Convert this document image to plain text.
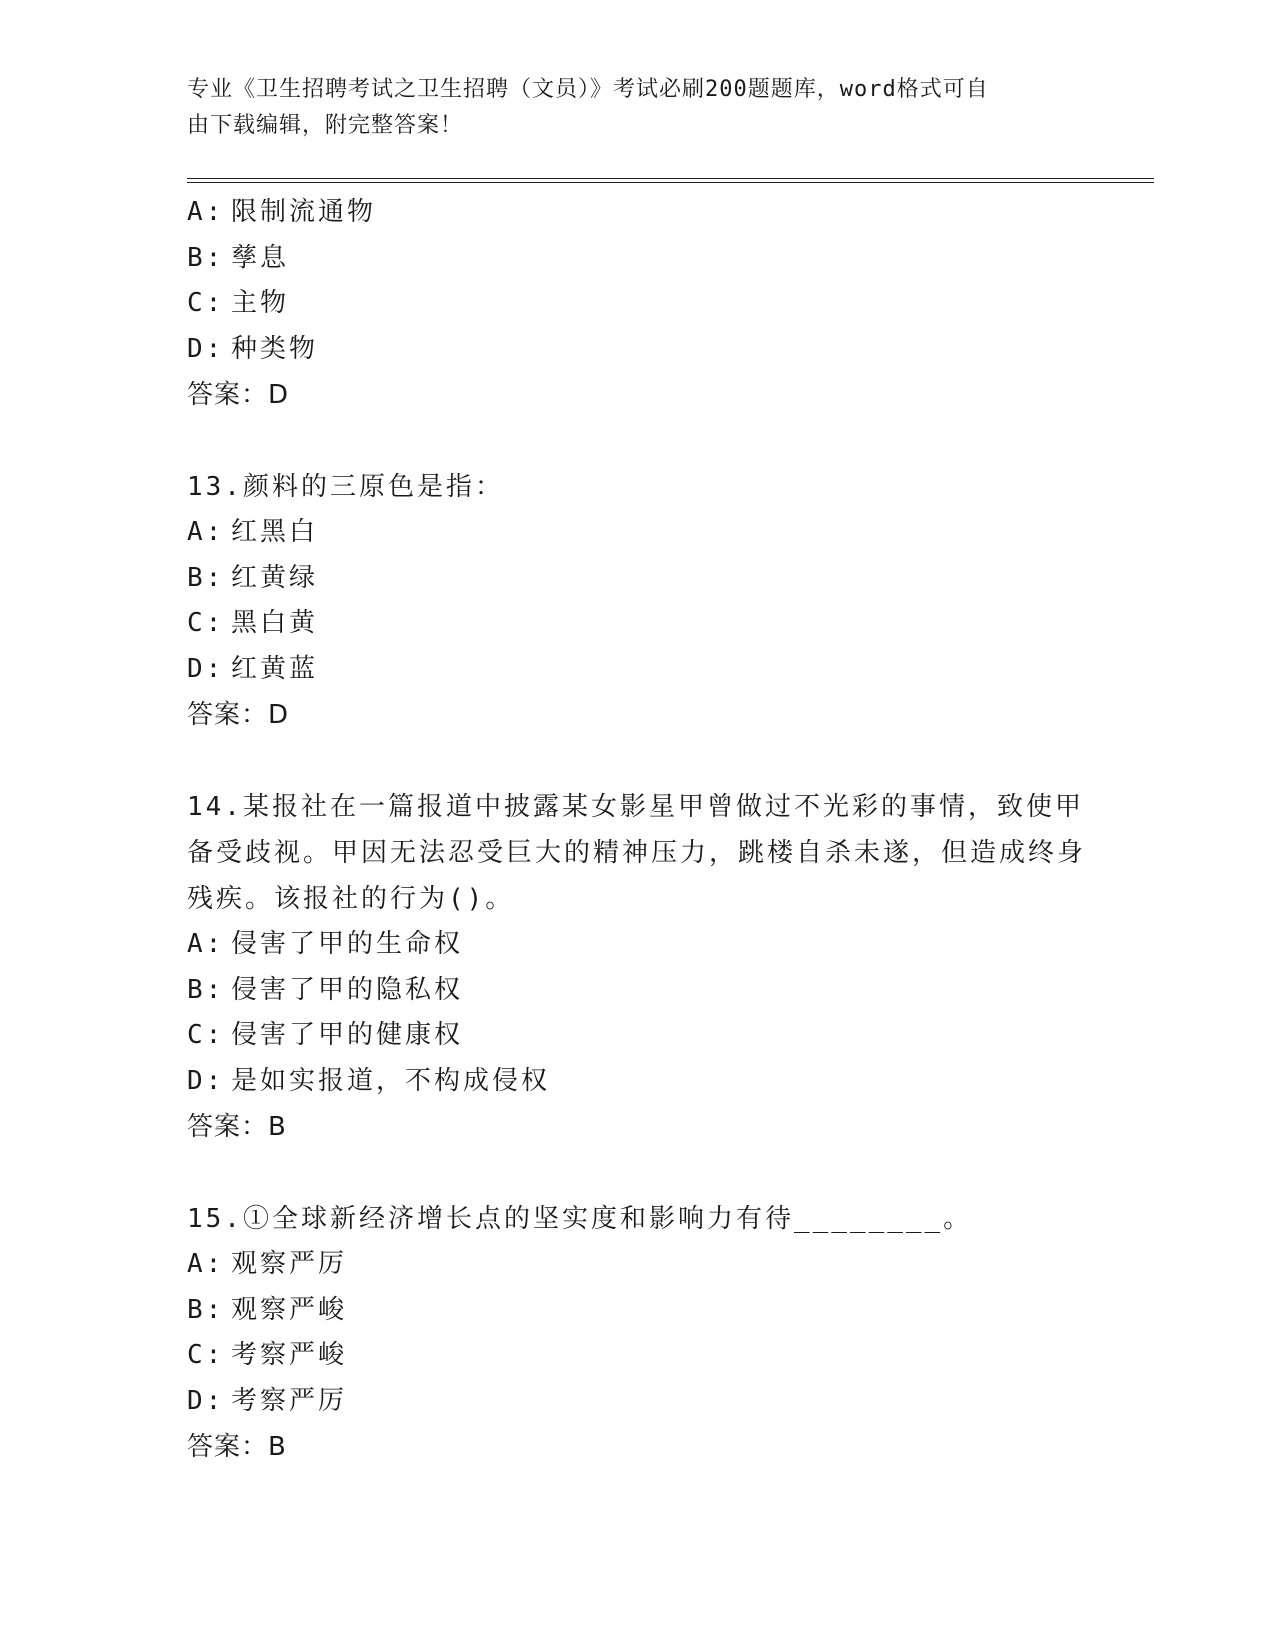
专业《卫生招聘考试之卫生招聘（文员）》考试必刷200题题库，word格式可自
由下载编辑，附完整答案！
A: 限制流通物
B: 孳息
C: 主物
D: 种类物
答案：D
13.颜料的三原色是指：
A: 红黑白
B: 红黄绿
C: 黑白黄
D: 红黄蓝
答案：D
14.某报社在一篇报道中披露某女影星甲曾做过不光彩的事情，致使甲备受歧视。甲因无法忍受巨大的精神压力，跳楼自杀未遂，但造成终身残疾。该报社的行为()。
A: 侵害了甲的生命权
B: 侵害了甲的隐私权
C: 侵害了甲的健康权
D: 是如实报道，不构成侵权
答案：B
15.①全球新经济增长点的坚实度和影响力有待________。
A: 观察严厉
B: 观察严峻
C: 考察严峻
D: 考察严厉
答案：B
